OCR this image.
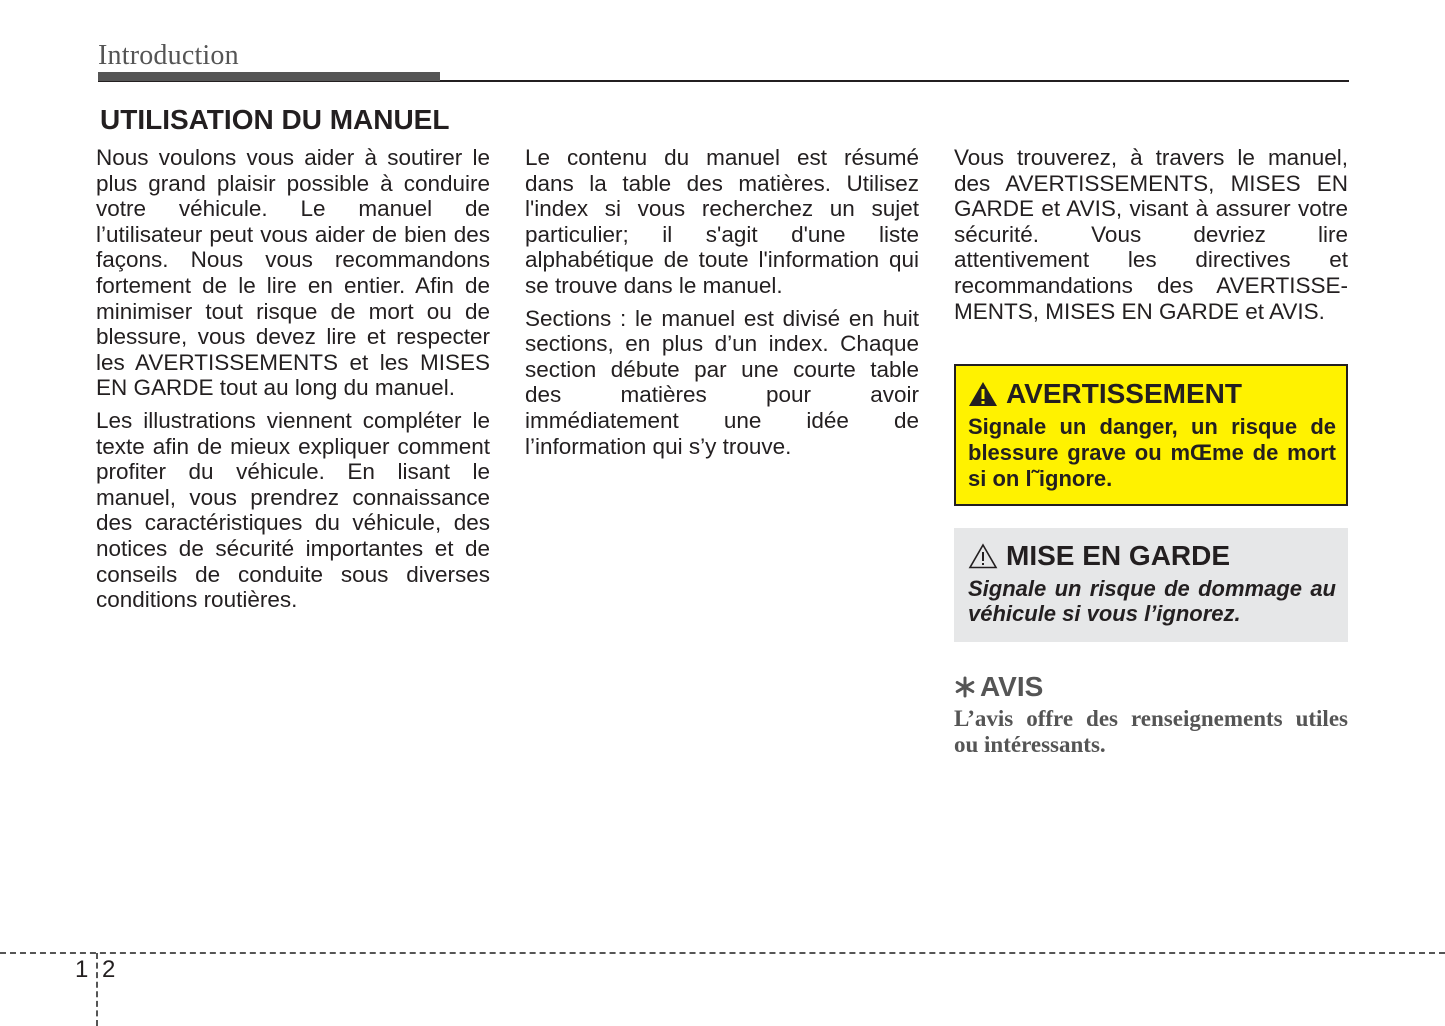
Introduction
UTILISATION DU MANUEL

Nous voulons vous aider à soutirer le plus grand plaisir possible à conduire votre véhicule. Le manuel de l’utilisateur peut vous aider de bien des façons. Nous vous recommandons fortement de le lire en entier. Afin de minimiser tout risque de mort ou de blessure, vous devez lire et respecter les AVERTISSEMENTS et les MISES EN GARDE tout au long du manuel.

Les illustrations viennent compléter le texte afin de mieux expliquer comment profiter du véhicule. En lisant le manuel, vous prendrez connaissance des caractéristiques du véhicule, des notices de sécurité importantes et de conseils de conduite sous diverses conditions routières.

Le contenu du manuel est résumé dans la table des matières. Utilisez l'index si vous recherchez un sujet particulier; il s'agit d'une liste alphabétique de toute l'information qui se trouve dans le manuel.

Sections : le manuel est divisé en huit sections, en plus d’un index. Chaque section débute par une courte table des matières pour avoir immédiatement une idée de l’information qui s’y trouve.

Vous trouverez, à travers le manuel, des AVERTISSEMENTS, MISES EN GARDE et AVIS, visant à assurer votre sécurité. Vous devriez lire attentivement les directives et recommandations des AVERTISSE-MENTS, MISES EN GARDE et AVIS.

AVERTISSEMENT

Signale un danger, un risque de blessure grave ou mŒme de mort si on l˜ignore.

MISE EN GARDE

Signale un risque de dommage au véhicule si vous l’ignorez.

AVIS

L’avis offre des renseignements utiles ou intéressants.

1 2
